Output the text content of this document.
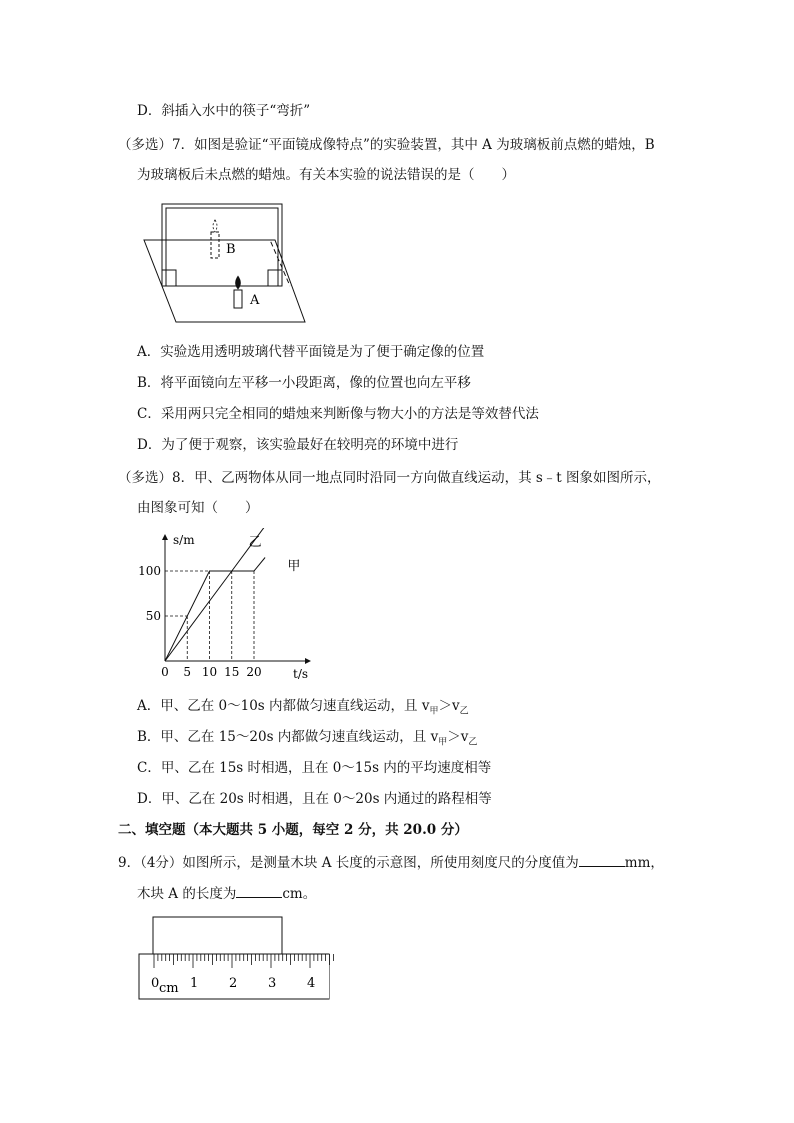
D．斜插入水中的筷子“弯折”
（多选）7．如图是验证“平面镜成像特点”的实验装置，其中 A 为玻璃板前点燃的蜡烛，B
为玻璃板后未点燃的蜡烛。有关本实验的说法错误的是（　　）
B
A
A．实验选用透明玻璃代替平面镜是为了便于确定像的位置
B．将平面镜向左平移一小段距离，像的位置也向左平移
C．采用两只完全相同的蜡烛来判断像与物大小的方法是等效替代法
D．为了便于观察，该实验最好在较明亮的环境中进行
（多选）8．甲、乙两物体从同一地点同时沿同一方向做直线运动，其 s﹣t 图象如图所示，
由图象可知（　　）
s/m
t/s
0 5 10 15 20
50
100
乙
甲
A．甲、乙在 0～10s 内都做匀速直线运动，且 $v_甲>v_乙$
B．甲、乙在 15～20s 内都做匀速直线运动，且 $v_甲>v_乙$
C．甲、乙在 15s 时相遇，且在 0～15s 内的平均速度相等
D．甲、乙在 20s 时相遇，且在 0～20s 内通过的路程相等
二、填空题（本大题共 5 小题，每空 2 分，共 20.0 分）
9．（4分）如图所示，是测量木块 A 长度的示意图，所使用刻度尺的分度值为	mm，
木块 A 的长度为	cm。
0 1 2 3 4
cm
